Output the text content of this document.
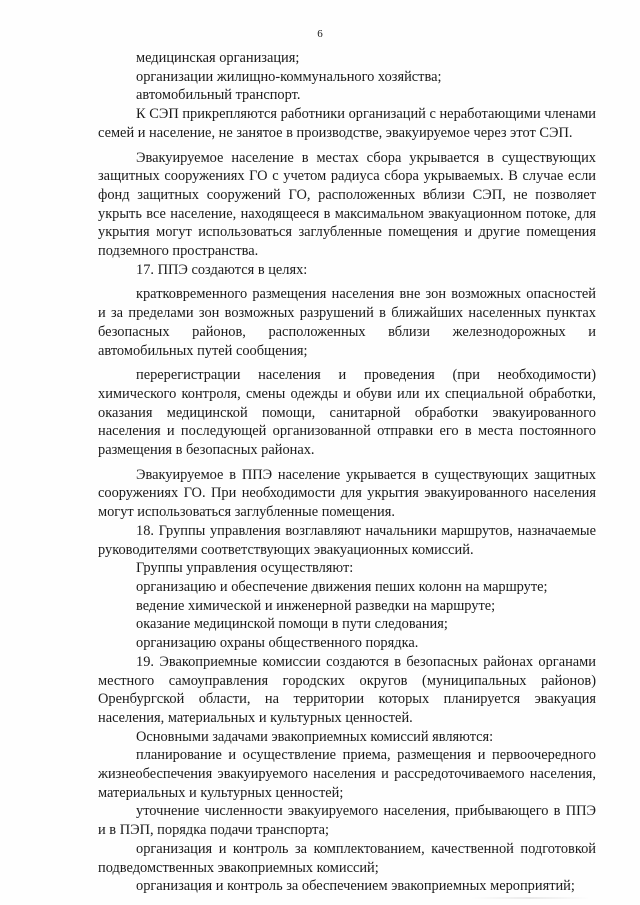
6

медицинская организация;

организации жилищно-коммунального хозяйства;

автомобильный транспорт.

К СЭП прикрепляются работники организаций с неработающими членами семей и население, не занятое в производстве, эвакуируемое через этот СЭП.

Эвакуируемое население в местах сбора укрывается в существующих защитных сооружениях ГО с учетом радиуса сбора укрываемых. В случае если фонд защитных сооружений ГО, расположенных вблизи СЭП, не позволяет укрыть все население, находящееся в максимальном эвакуационном потоке, для укрытия могут использоваться заглубленные помещения и другие помещения подземного пространства.

17. ППЭ создаются в целях:

кратковременного размещения населения вне зон возможных опасностей и за пределами зон возможных разрушений в ближайших населенных пунктах безопасных районов, расположенных вблизи железнодорожных и автомобильных путей сообщения;

перерегистрации населения и проведения (при необходимости) химического контроля, смены одежды и обуви или их специальной обработки, оказания медицинской помощи, санитарной обработки эвакуированного населения и последующей организованной отправки его в места постоянного размещения в безопасных районах.

Эвакуируемое в ППЭ население укрывается в существующих защитных сооружениях ГО. При необходимости для укрытия эвакуированного населения могут использоваться заглубленные помещения.

18. Группы управления возглавляют начальники маршрутов, назначаемые руководителями соответствующих эвакуационных комиссий.

Группы управления осуществляют:

организацию и обеспечение движения пеших колонн на маршруте;

ведение химической и инженерной разведки на маршруте;

оказание медицинской помощи в пути следования;

организацию охраны общественного порядка.

19. Эвакоприемные комиссии создаются в безопасных районах органами местного самоуправления городских округов (муниципальных районов) Оренбургской области, на территории которых планируется эвакуация населения, материальных и культурных ценностей.

Основными задачами эвакоприемных комиссий являются:

планирование и осуществление приема, размещения и первоочередного жизнеобеспечения эвакуируемого населения и рассредоточиваемого населения, материальных и культурных ценностей;

уточнение численности эвакуируемого населения, прибывающего в ППЭ и в ПЭП, порядка подачи транспорта;

организация и контроль за комплектованием, качественной подготовкой подведомственных эвакоприемных комиссий;

организация и контроль за обеспечением эвакоприемных мероприятий;
